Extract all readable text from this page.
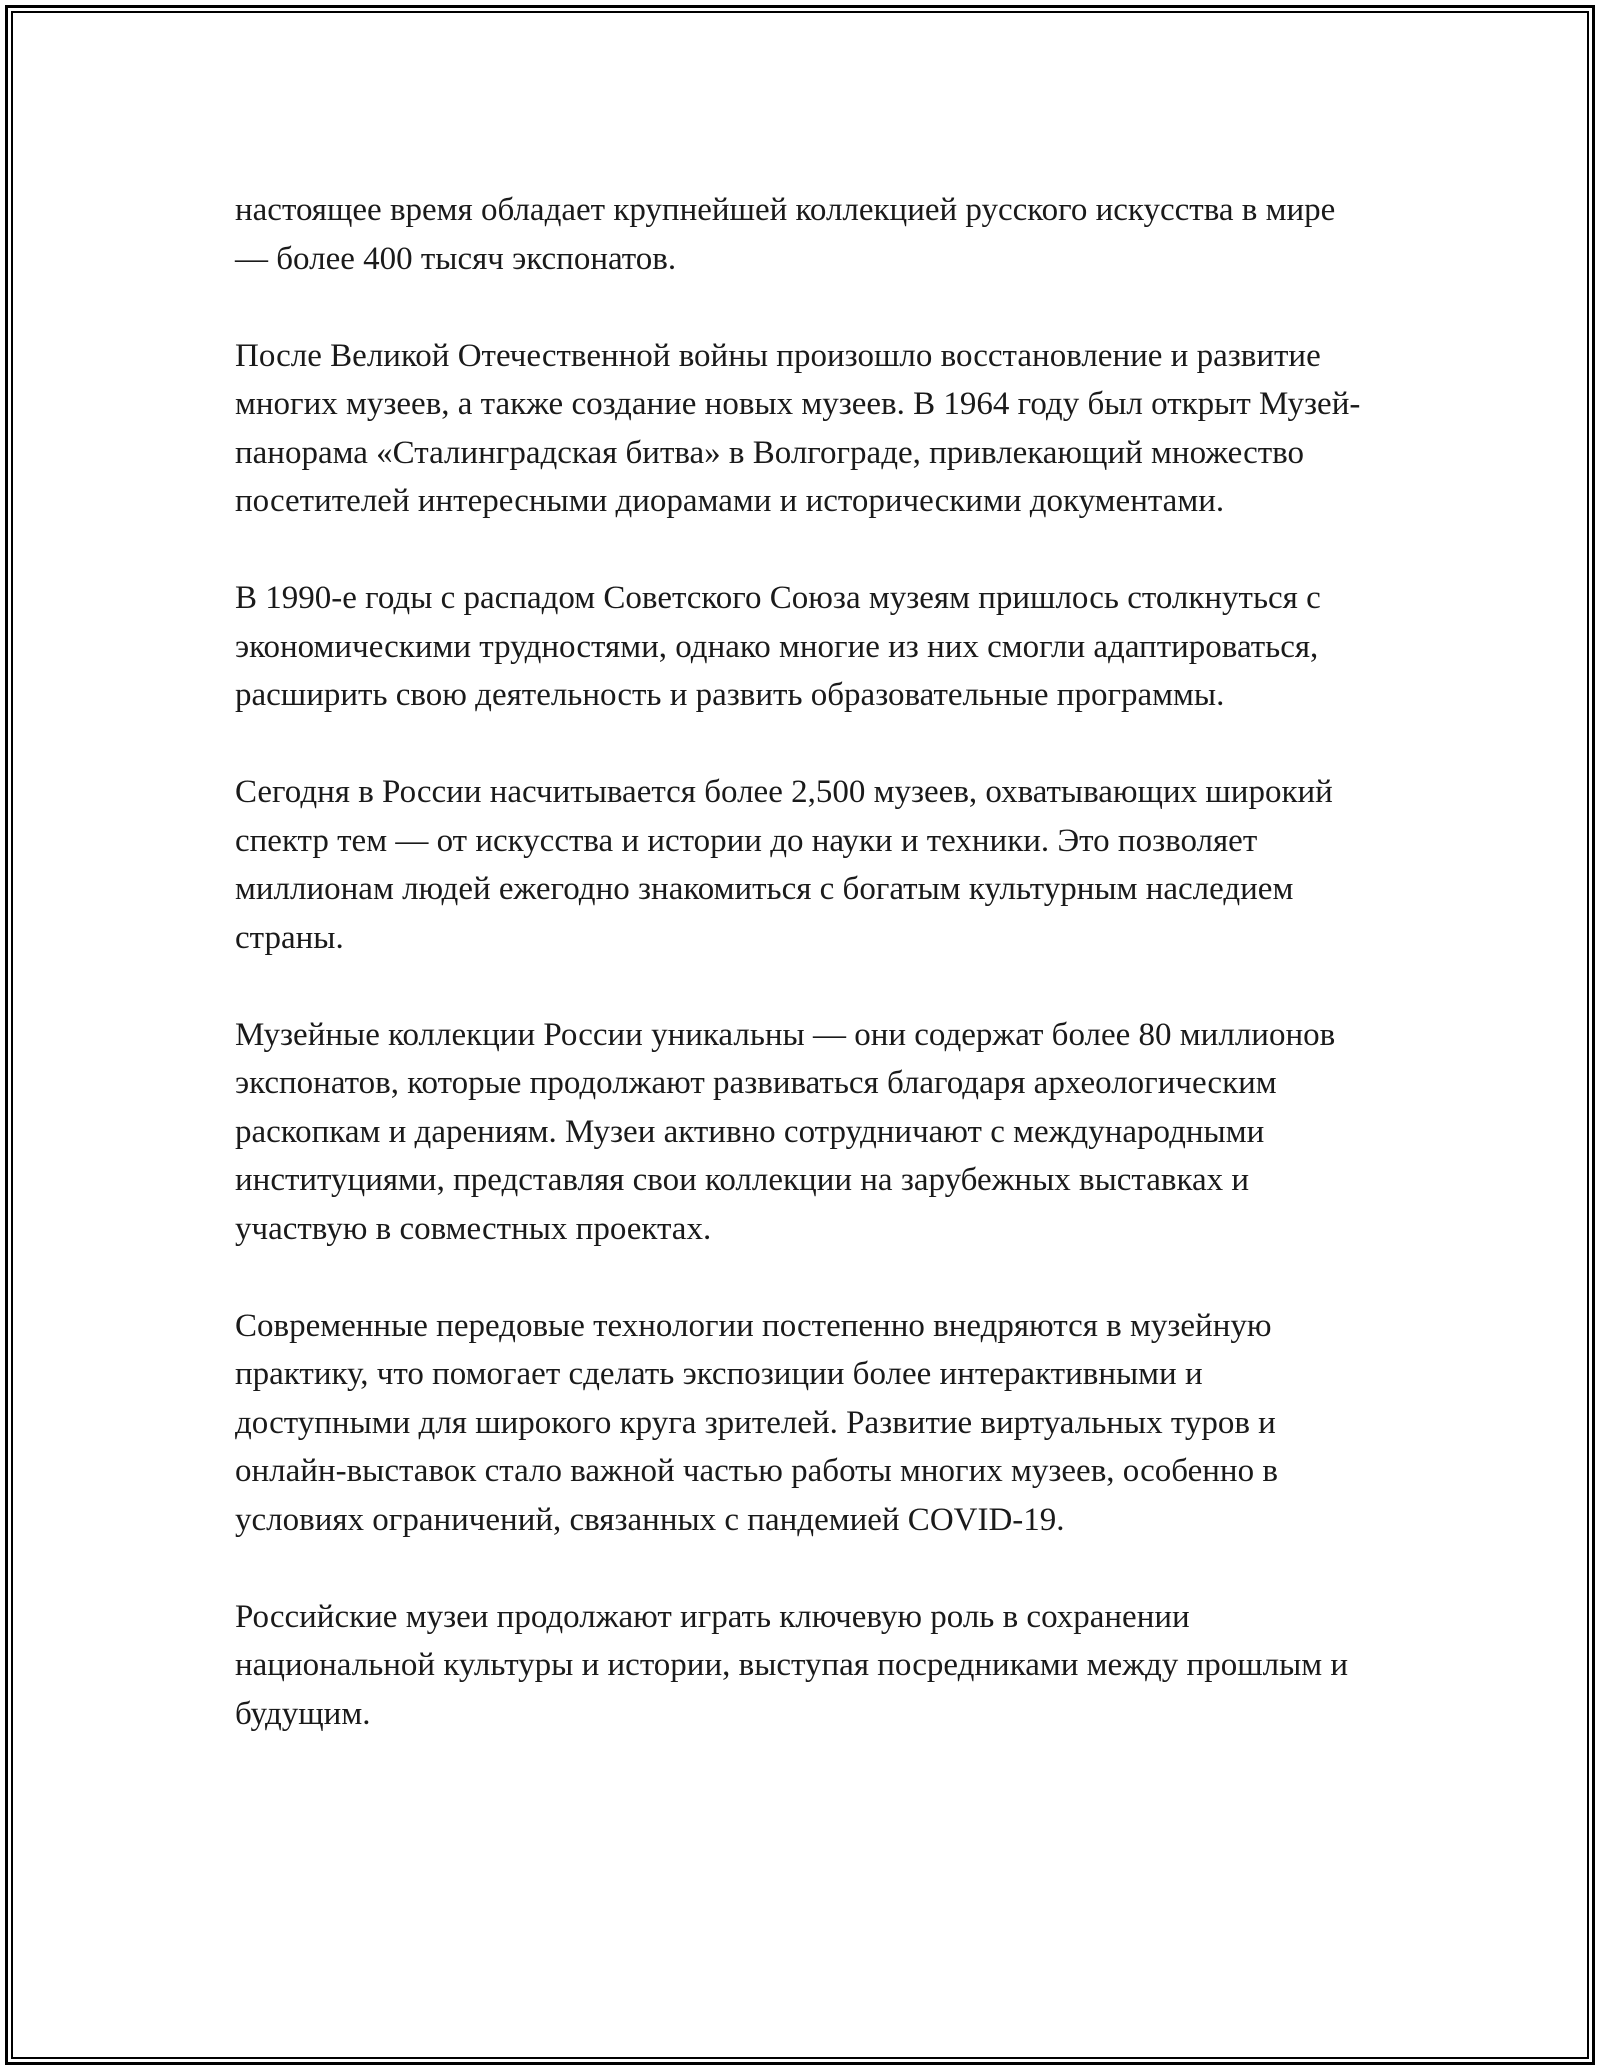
настоящее время обладает крупнейшей коллекцией русского искусства в мире — более 400 тысяч экспонатов.

После Великой Отечественной войны произошло восстановление и развитие многих музеев, а также создание новых музеев. В 1964 году был открыт Музей-панорама «Сталинградская битва» в Волгограде, привлекающий множество посетителей интересными диорамами и историческими документами.

В 1990-е годы с распадом Советского Союза музеям пришлось столкнуться с экономическими трудностями, однако многие из них смогли адаптироваться, расширить свою деятельность и развить образовательные программы.

Сегодня в России насчитывается более 2,500 музеев, охватывающих широкий спектр тем — от искусства и истории до науки и техники. Это позволяет миллионам людей ежегодно знакомиться с богатым культурным наследием страны.

Музейные коллекции России уникальны — они содержат более 80 миллионов экспонатов, которые продолжают развиваться благодаря археологическим раскопкам и дарениям. Музеи активно сотрудничают с международными институциями, представляя свои коллекции на зарубежных выставках и участвую в совместных проектах.

Современные передовые технологии постепенно внедряются в музейную практику, что помогает сделать экспозиции более интерактивными и доступными для широкого круга зрителей. Развитие виртуальных туров и онлайн-выставок стало важной частью работы многих музеев, особенно в условиях ограничений, связанных с пандемией COVID-19.

Российские музеи продолжают играть ключевую роль в сохранении национальной культуры и истории, выступая посредниками между прошлым и будущим.
